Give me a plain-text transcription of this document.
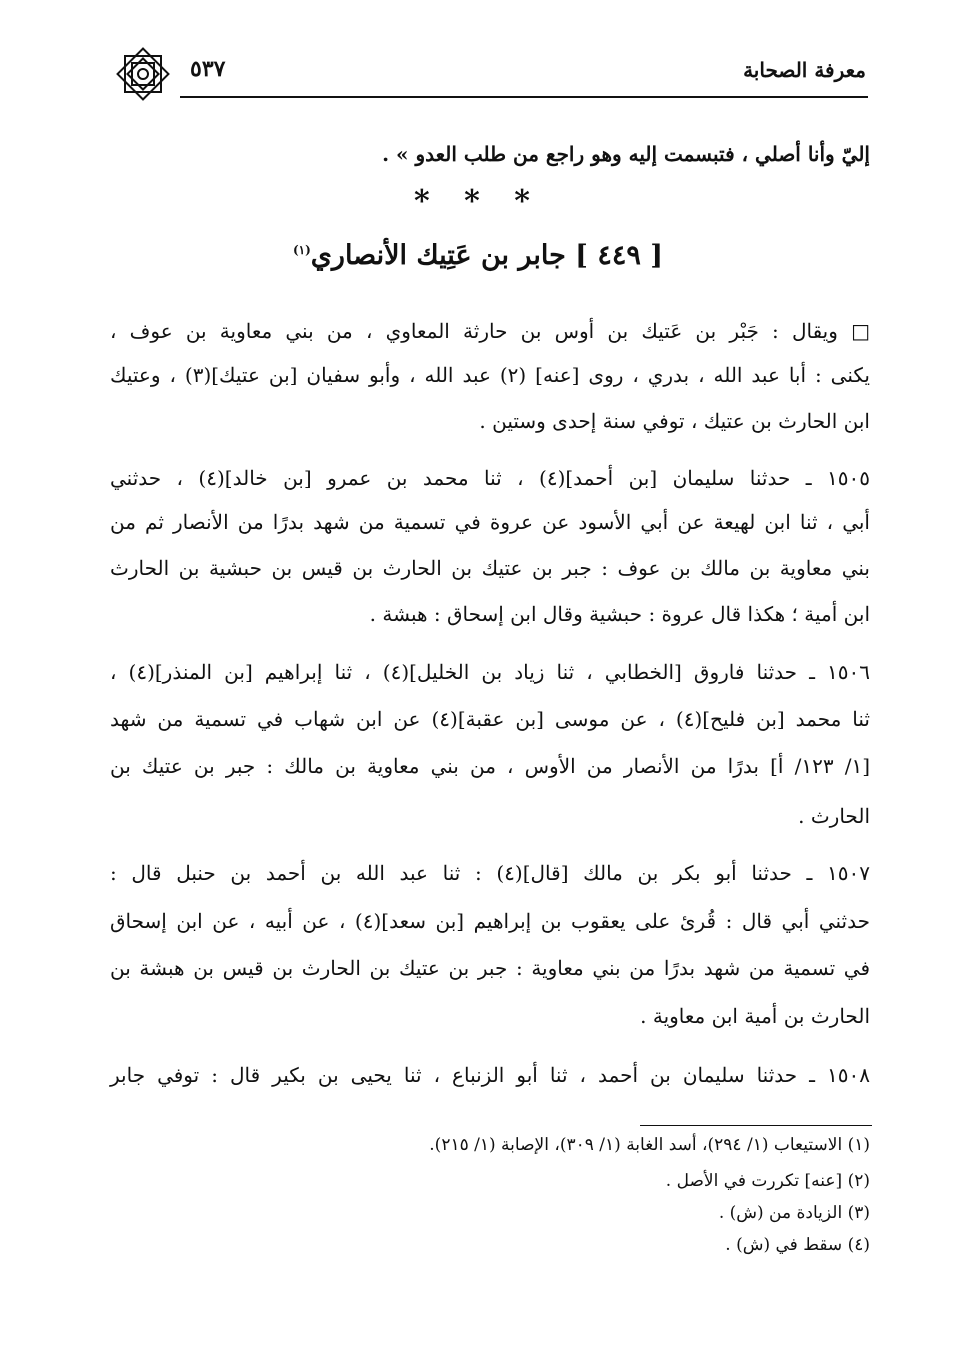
معرفة الصحابة
٥٣٧
إليّ وأنا أصلي ، فتبسمت إليه وهو راجع من طلب العدو » .
* * *
[ ٤٤٩ ] جابر بن عَتِيك الأنصاري$^{(١)}$
□ ويقال : جَبْر بن عَتيك بن أوس بن حارثة المعاوي ، من بني معاوية بن عوف ،
يكنى : أبا عبد الله ، بدري ، روى [عنه] (٢) عبد الله ، وأبو سفيان [بن عتيك](٣) ، وعتيك
ابن الحارث بن عتيك ، توفي سنة إحدى وستين .
١٥٠٥ ـ حدثنا سليمان [بن أحمد](٤) ، ثنا محمد بن عمرو [بن خالد](٤) ، حدثني
أبي ، ثنا ابن لهيعة عن أبي الأسود عن عروة في تسمية من شهد بدرًا من الأنصار ثم من
بني معاوية بن مالك بن عوف : جبر بن عتيك بن الحارث بن قيس بن حبشية بن الحارث
ابن أمية ؛ هكذا قال عروة : حبشية وقال ابن إسحاق : هبشة .
١٥٠٦ ـ حدثنا فاروق [الخطابي ، ثنا زياد بن الخليل](٤) ، ثنا إبراهيم [بن المنذر](٤) ،
ثنا محمد [بن فليح](٤) ، عن موسى [بن عقبة](٤) عن ابن شهاب في تسمية من شهد
[١/ ١٢٣/ أ] بدرًا من الأنصار من الأوس ، من بني معاوية بن مالك : جبر بن عتيك بن
الحارث .
١٥٠٧ ـ حدثنا أبو بكر بن مالك [قال](٤) : ثنا عبد الله بن أحمد بن حنبل قال :
حدثني أبي قال : قُرئ على يعقوب بن إبراهيم [بن سعد](٤) ، عن أبيه ، عن ابن إسحاق
في تسمية من شهد بدرًا من بني معاوية : جبر بن عتيك بن الحارث بن قيس بن هبشة بن
الحارث بن أمية ابن معاوية .
١٥٠٨ ـ حدثنا سليمان بن أحمد ، ثنا أبو الزنباع ، ثنا يحيى بن بكير قال : توفي جابر
(١) الاستيعاب (١/ ٢٩٤)، أسد الغابة (١/ ٣٠٩)، الإصابة (١/ ٢١٥).
(٢) [عنه] تكررت في الأصل .
(٣) الزيادة من (ش) .
(٤) سقط في (ش) .
